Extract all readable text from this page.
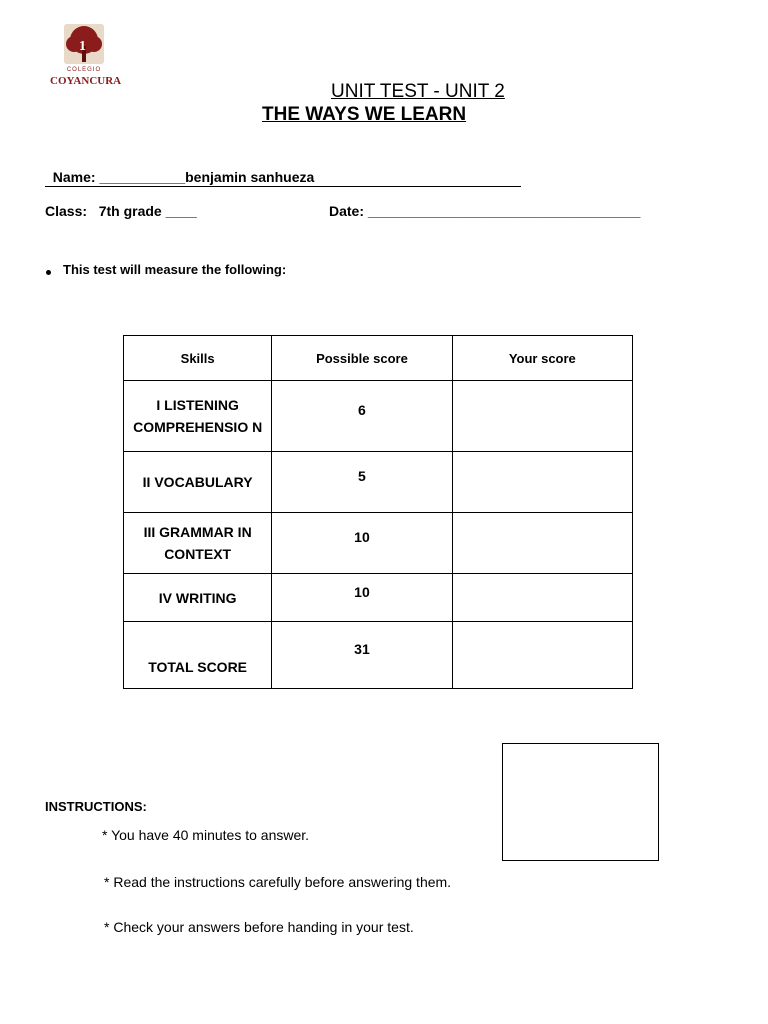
1
COLEGIO
COYANCURA	UNIT TEST - UNIT 2
THE WAYS WE LEARN

Name: ___________benjamin sanhueza

Class:   7th grade ____	Date: ___________________________________
This test will measure the following:
Skills	Possible score	Your score
I LISTENING COMPREHENSIO N	6	
II VOCABULARY	5	
III GRAMMAR IN CONTEXT	10	
IV WRITING	10	
TOTAL SCORE	31	
INSTRUCTIONS:
* You have 40 minutes to answer.
* Read the instructions carefully before answering them.
* Check your answers before handing in your test.
